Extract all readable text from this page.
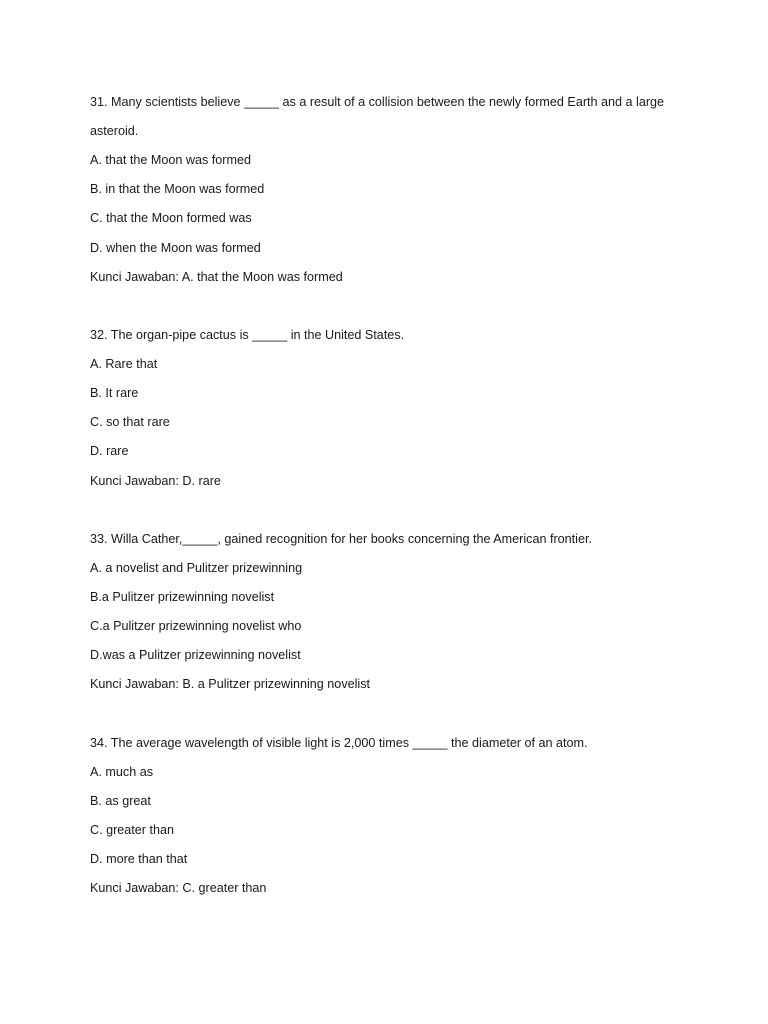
31. Many scientists believe _____ as a result of a collision between the newly formed Earth and a large
asteroid.
A. that the Moon was formed
B. in that the Moon was formed
C. that the Moon formed was
D. when the Moon was formed
Kunci Jawaban: A. that the Moon was formed
32. The organ-pipe cactus is _____ in the United States.
A. Rare that
B. It rare
C. so that rare
D. rare
Kunci Jawaban: D. rare
33. Willa Cather,_____, gained recognition for her books concerning the American frontier.
A. a novelist and Pulitzer prizewinning
B.a Pulitzer prizewinning novelist
C.a Pulitzer prizewinning novelist who
D.was a Pulitzer prizewinning novelist
Kunci Jawaban: B. a Pulitzer prizewinning novelist
34. The average wavelength of visible light is 2,000 times _____ the diameter of an atom.
A. much as
B. as great
C. greater than
D. more than that
Kunci Jawaban: C. greater than
